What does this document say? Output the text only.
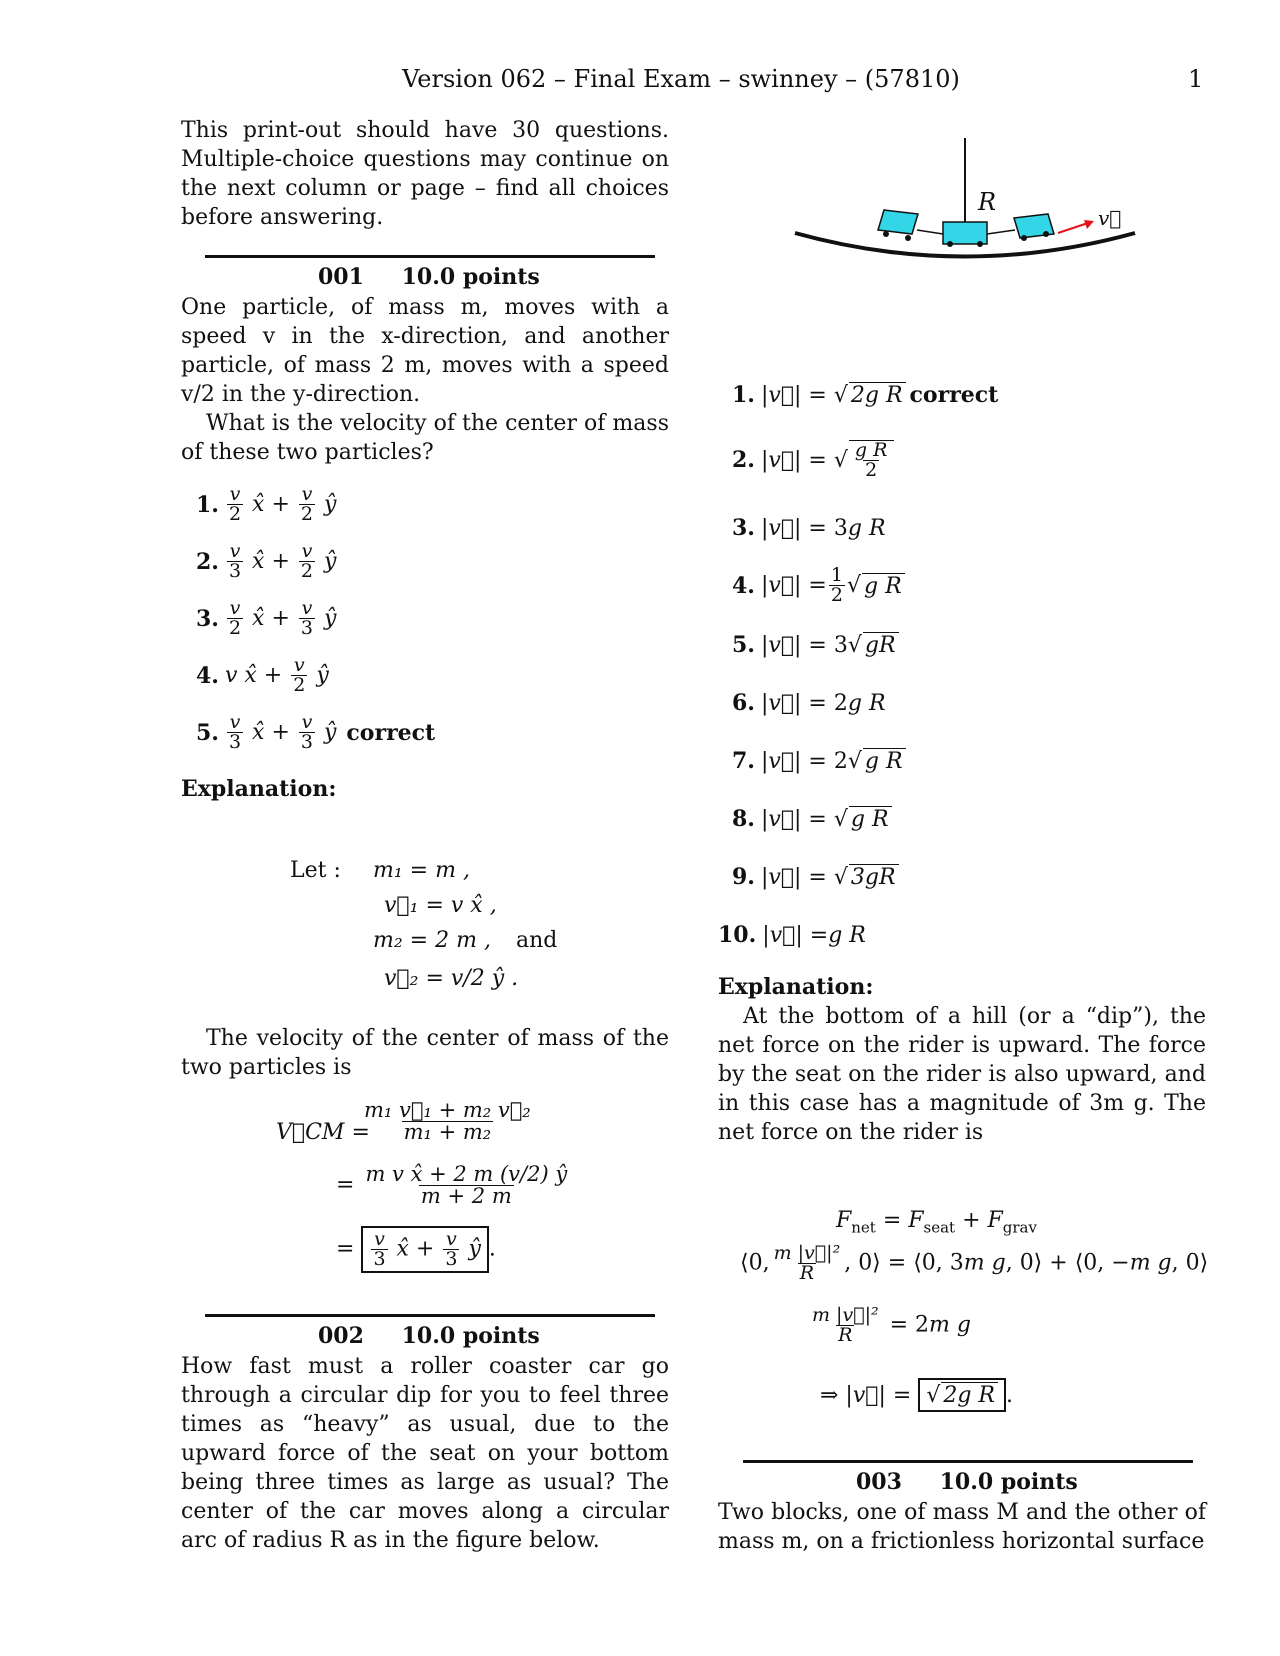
Version 062 – Final Exam – swinney – (57810)	1
This print-out should have 30 questions. Multiple-choice questions may continue on the next column or page – find all choices before answering.
001 10.0 points
One particle, of mass m, moves with a speed v in the x-direction, and another particle, of mass 2 m, moves with a speed v/2 in the y-direction.
What is the velocity of the center of mass of these two particles?
1. $\frac{v}{2}$ x̂ + $\frac{v}{2}$ ŷ
2. $\frac{v}{3}$ x̂ + $\frac{v}{2}$ ŷ
3. $\frac{v}{2}$ x̂ + $\frac{v}{3}$ ŷ
4. v x̂ + $\frac{v}{2}$ ŷ
5. $\frac{v}{3}$ x̂ + $\frac{v}{3}$ ŷ correct
Explanation:
Let : m₁ = m ,
v⃗₁ = v x̂ ,
m₂ = 2 m , and
v⃗₂ = v/2 ŷ .
The velocity of the center of mass of the two particles is
V⃗CM =
$\frac{\text{m₁ v⃗₁ + m₂ v⃗₂}}{\text{m₁ + m₂}}$
= $\frac{\text{m v x̂ + 2 m (v/2) ŷ}}{m + 2 m}$
= $\frac{v}{3}$ x̂ + $\frac{v}{3}$ ŷ .
002 10.0 points
How fast must a roller coaster car go through a circular dip for you to feel three times as “heavy” as usual, due to the upward force of the seat on your bottom being three times as large as usual? The center of the car moves along a circular arc of radius R as in the figure below.
R
v⃗
1. | v⃗ | = √ 2g R correct
2. | v⃗ | = √ $\frac{\text{g R}}{2}$
3. | v⃗ | = 3 g R
4. | v⃗ | = $\frac{1}{2}$ √ g R
5. | v⃗ | = 3√ gR
6. | v⃗ | = 2 g R
7. | v⃗ | = 2√ g R
8. | v⃗ | = √ g R
9. | v⃗ | = √ 3gR
10. | v⃗ | = g R
Explanation:
At the bottom of a hill (or a “dip”), the net force on the rider is upward. The force by the seat on the rider is also upward, and in this case has a magnitude of 3m g. The net force on the rider is
$F_{net} = F_{seat} + F_{grav}$
⟨0, $\frac{\text{m |v⃗|²}}{R}$ , 0⟩ = ⟨0, 3m g, 0⟩ + ⟨0, −m g, 0⟩
$\frac{\text{m |v⃗|²}}{R} = 2m$ g
⇒ |v⃗| = √ 2g R .
003 10.0 points
Two blocks, one of mass M and the other of mass m, on a frictionless horizontal surface
